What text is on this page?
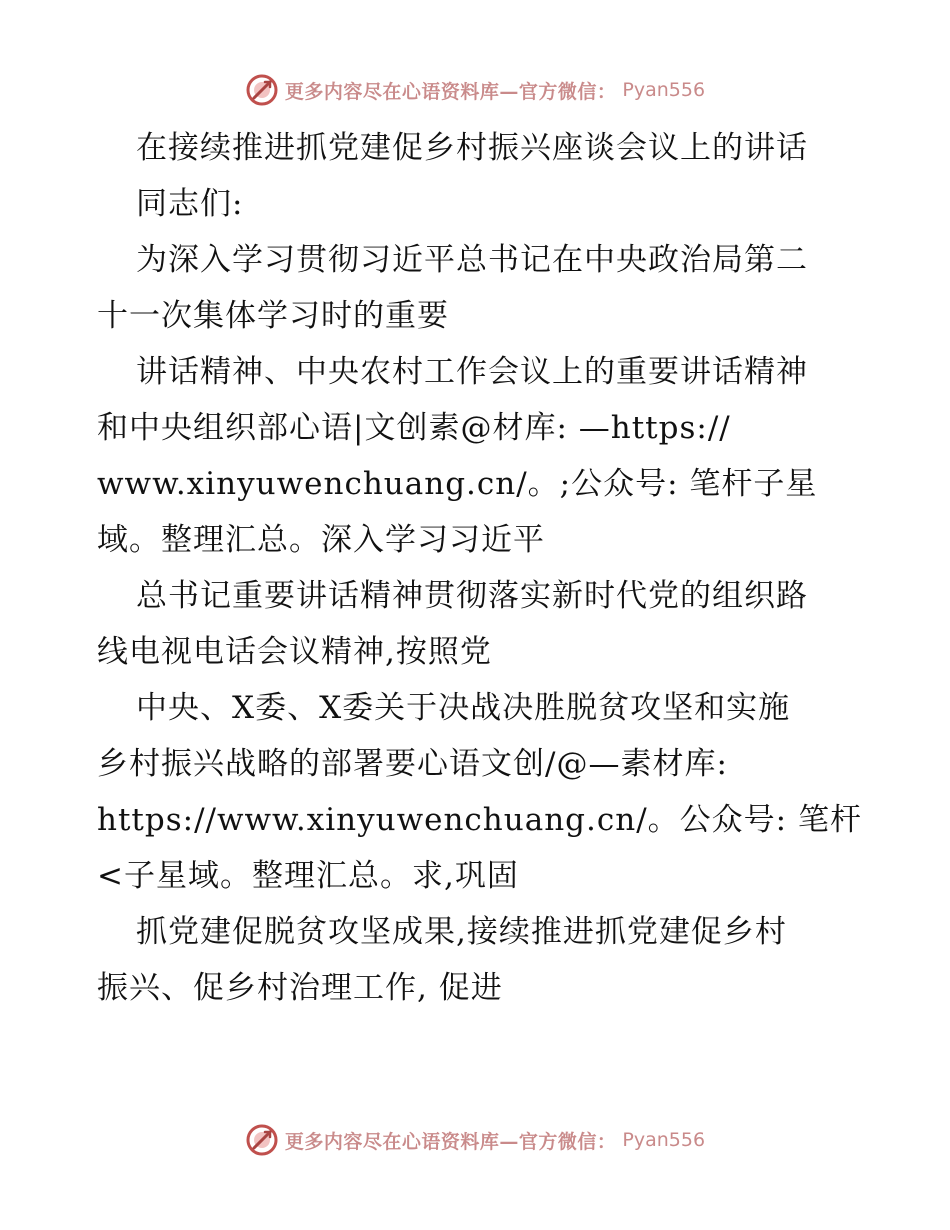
更多内容尽在心语资料库—官方微信： Pyan556
在接续推进抓党建促乡村振兴座谈会议上的讲话
同志们:
为深入学习贯彻习近平总书记在中央政治局第二
十一次集体学习时的重要
讲话精神、中央农村工作会议上的重要讲话精神
和中央组织部心语|文创素@材库: —https://
www.xinyuwenchuang.cn/。;公众号: 笔杆子星
域。整理汇总。深入学习习近平
总书记重要讲话精神贯彻落实新时代党的组织路
线电视电话会议精神,按照党
中央、X委、X委关于决战决胜脱贫攻坚和实施
乡村振兴战略的部署要心语文创/@—素材库:
https://www.xinyuwenchuang.cn/。公众号: 笔杆
<子星域。整理汇总。求,巩固
抓党建促脱贫攻坚成果,接续推进抓党建促乡村
振兴、促乡村治理工作, 促进
更多内容尽在心语资料库—官方微信： Pyan556
